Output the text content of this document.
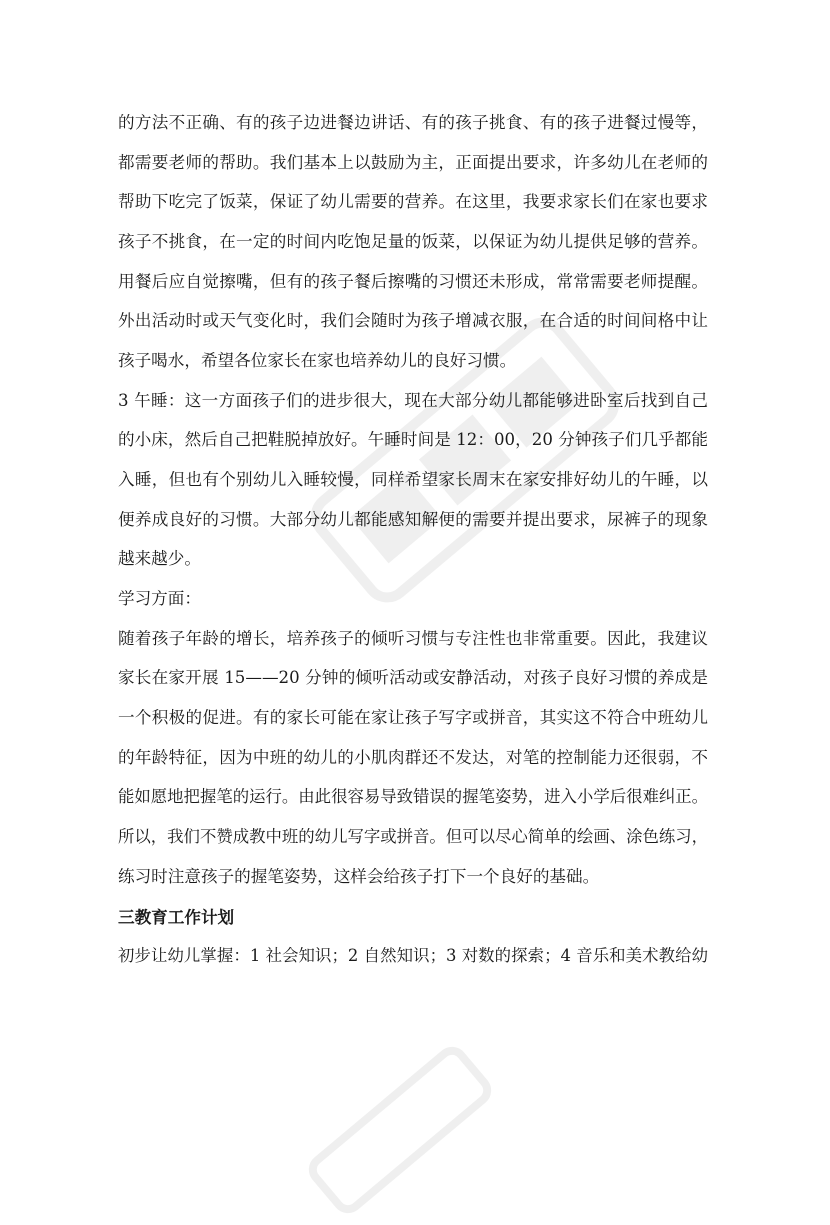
的方法不正确、有的孩子边进餐边讲话、有的孩子挑食、有的孩子进餐过慢等，
都需要老师的帮助。我们基本上以鼓励为主，正面提出要求，许多幼儿在老师的
帮助下吃完了饭菜，保证了幼儿需要的营养。在这里，我要求家长们在家也要求
孩子不挑食，在一定的时间内吃饱足量的饭菜，以保证为幼儿提供足够的营养。
用餐后应自觉擦嘴，但有的孩子餐后擦嘴的习惯还未形成，常常需要老师提醒。
外出活动时或天气变化时，我们会随时为孩子增减衣服，在合适的时间间格中让
孩子喝水，希望各位家长在家也培养幼儿的良好习惯。
3 午睡：这一方面孩子们的进步很大，现在大部分幼儿都能够进卧室后找到自己
的小床，然后自己把鞋脱掉放好。午睡时间是 12：00，20 分钟孩子们几乎都能
入睡，但也有个别幼儿入睡较慢，同样希望家长周末在家安排好幼儿的午睡，以
便养成良好的习惯。大部分幼儿都能感知解便的需要并提出要求，尿裤子的现象
越来越少。
学习方面：
随着孩子年龄的增长，培养孩子的倾听习惯与专注性也非常重要。因此，我建议
家长在家开展 15——20 分钟的倾听活动或安静活动，对孩子良好习惯的养成是
一个积极的促进。有的家长可能在家让孩子写字或拼音，其实这不符合中班幼儿
的年龄特征，因为中班的幼儿的小肌肉群还不发达，对笔的控制能力还很弱，不
能如愿地把握笔的运行。由此很容易导致错误的握笔姿势，进入小学后很难纠正。
所以，我们不赞成教中班的幼儿写字或拼音。但可以尽心简单的绘画、涂色练习，
练习时注意孩子的握笔姿势，这样会给孩子打下一个良好的基础。
三教育工作计划
初步让幼儿掌握：1 社会知识；2 自然知识；3 对数的探索；4 音乐和美术教给幼
